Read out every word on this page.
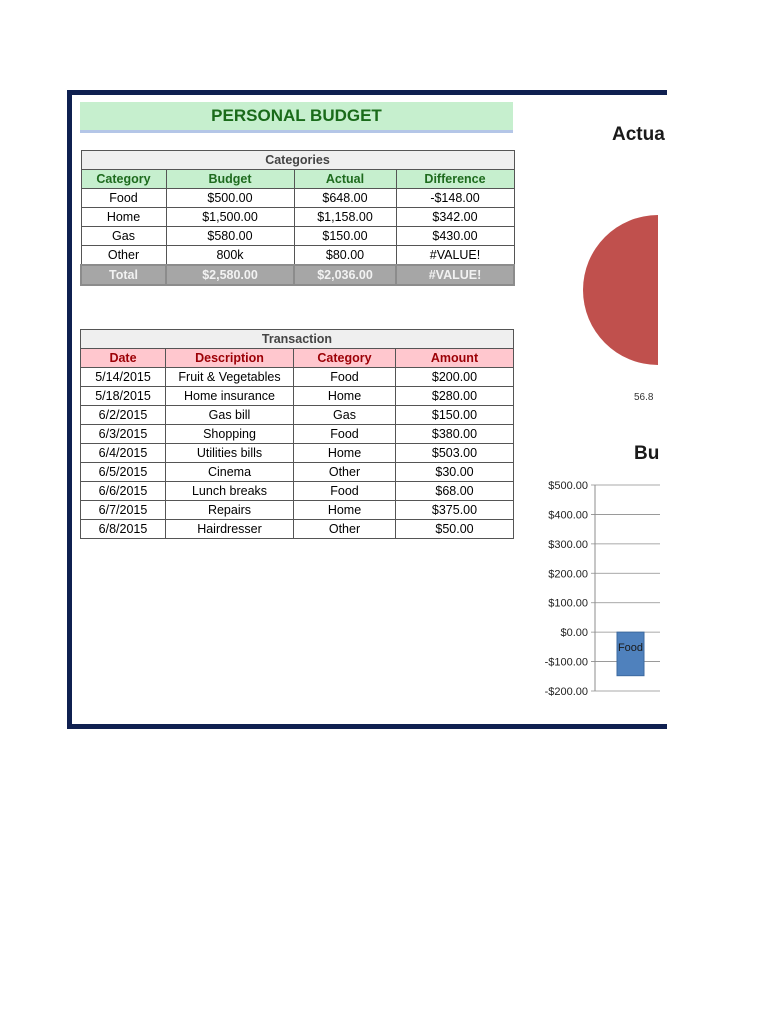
PERSONAL BUDGET
Categories			
Category	Budget	Actual	Difference
Food	$500.00	$648.00	-$148.00
Home	$1,500.00	$1,158.00	$342.00
Gas	$580.00	$150.00	$430.00
Other	800k	$80.00	#VALUE!
Total	$2,580.00	$2,036.00	#VALUE!
Transaction			
Date	Description	Category	Amount
5/14/2015	Fruit & Vegetables	Food	$200.00
5/18/2015	Home insurance	Home	$280.00
6/2/2015	Gas bill	Gas	$150.00
6/3/2015	Shopping	Food	$380.00
6/4/2015	Utilities bills	Home	$503.00
6/5/2015	Cinema	Other	$30.00
6/6/2015	Lunch breaks	Food	$68.00
6/7/2015	Repairs	Home	$375.00
6/8/2015	Hairdresser	Other	$50.00
Actua
56.8
Bu
$500.00
$400.00
$300.00
$200.00
$100.00
$0.00
-$100.00
-$200.00
Food
